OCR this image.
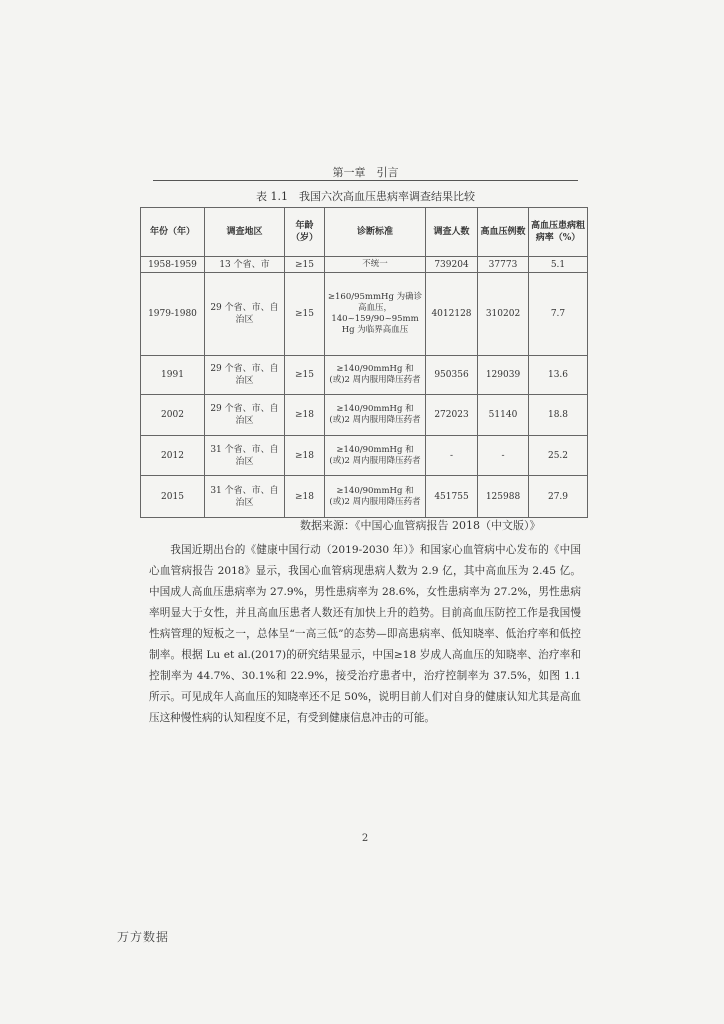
第一章　引言
表 1.1　我国六次高血压患病率调查结果比较
年份（年）	调查地区	年龄（岁）	诊断标准	调查人数	高血压例数	高血压患病粗病率（%）
1958-1959	13 个省、市	≥15	不统一	739204	37773	5.1
1979-1980	29 个省、市、自治区	≥15	≥160/95mmHg 为确诊高血压，140~159/90~95mm Hg 为临界高血压	4012128	310202	7.7
1991	29 个省、市、自治区	≥15	≥140/90mmHg 和(或)2 周内服用降压药者	950356	129039	13.6
2002	29 个省、市、自治区	≥18	≥140/90mmHg 和(或)2 周内服用降压药者	272023	51140	18.8
2012	31 个省、市、自治区	≥18	≥140/90mmHg 和(或)2 周内服用降压药者	-	-	25.2
2015	31 个省、市、自治区	≥18	≥140/90mmHg 和(或)2 周内服用降压药者	451755	125988	27.9
数据来源：《中国心血管病报告 2018（中文版）》

我国近期出台的《健康中国行动（2019-2030 年）》和国家心血管病中心发布的《中国心血管病报告 2018》显示，我国心血管病现患病人数为 2.9 亿，其中高血压为 2.45 亿。中国成人高血压患病率为 27.9%，男性患病率为 28.6%，女性患病率为 27.2%，男性患病率明显大于女性，并且高血压患者人数还有加快上升的趋势。目前高血压防控工作是我国慢性病管理的短板之一，总体呈“一高三低”的态势—即高患病率、低知晓率、低治疗率和低控制率。根据 Lu et al.(2017)的研究结果显示，中国≥18 岁成人高血压的知晓率、治疗率和控制率为 44.7%、30.1%和 22.9%，接受治疗患者中，治疗控制率为 37.5%，如图 1.1 所示。可见成年人高血压的知晓率还不足 50%，说明目前人们对自身的健康认知尤其是高血压这种慢性病的认知程度不足，有受到健康信息冲击的可能。

2
万方数据
